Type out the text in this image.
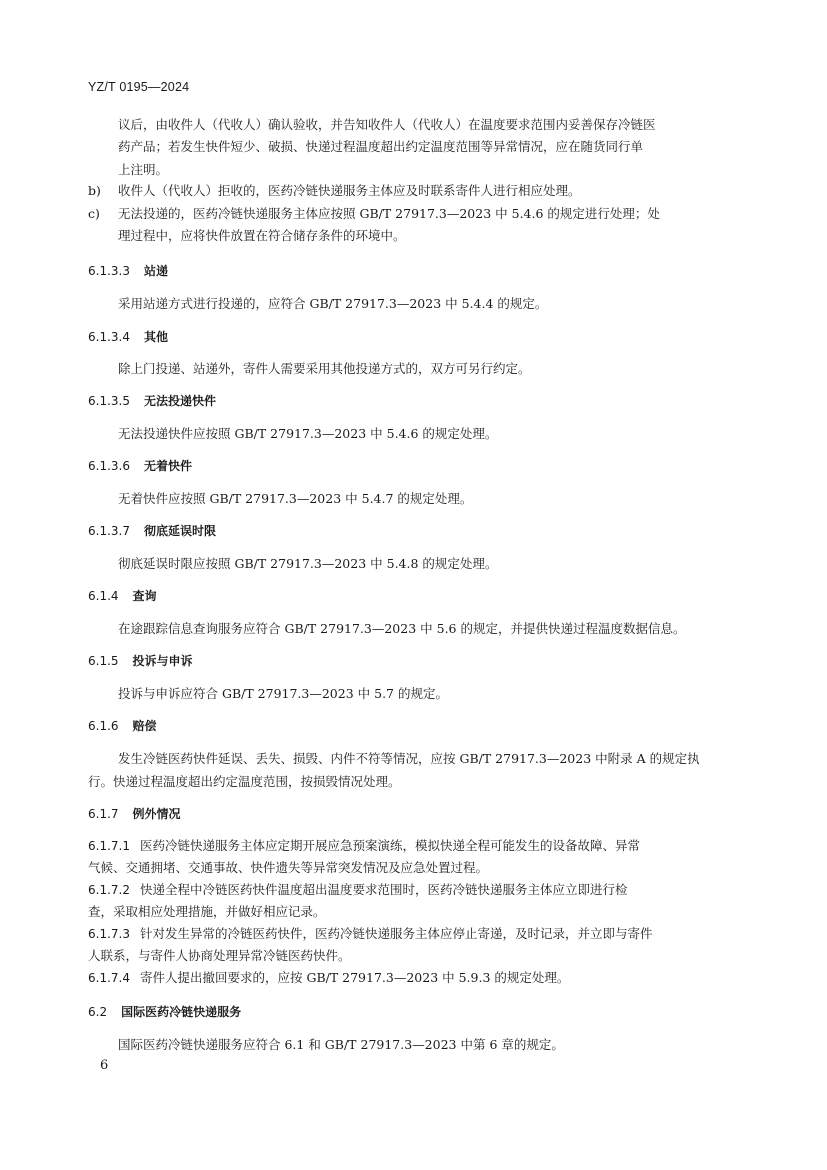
YZ/T 0195—2024
议后，由收件人（代收人）确认验收，并告知收件人（代收人）在温度要求范围内妥善保存冷链医
药产品；若发生快件短少、破损、快递过程温度超出约定温度范围等异常情况，应在随货同行单
上注明。
b) 收件人（代收人）拒收的，医药冷链快递服务主体应及时联系寄件人进行相应处理。
c) 无法投递的，医药冷链快递服务主体应按照 GB/T 27917.3—2023 中 5.4.6 的规定进行处理；处
理过程中，应将快件放置在符合储存条件的环境中。
6.1.3.3 站递
采用站递方式进行投递的，应符合 GB/T 27917.3—2023 中 5.4.4 的规定。
6.1.3.4 其他
除上门投递、站递外，寄件人需要采用其他投递方式的，双方可另行约定。
6.1.3.5 无法投递快件
无法投递快件应按照 GB/T 27917.3—2023 中 5.4.6 的规定处理。
6.1.3.6 无着快件
无着快件应按照 GB/T 27917.3—2023 中 5.4.7 的规定处理。
6.1.3.7 彻底延误时限
彻底延误时限应按照 GB/T 27917.3—2023 中 5.4.8 的规定处理。
6.1.4 查询
在途跟踪信息查询服务应符合 GB/T 27917.3—2023 中 5.6 的规定，并提供快递过程温度数据信息。
6.1.5 投诉与申诉
投诉与申诉应符合 GB/T 27917.3—2023 中 5.7 的规定。
6.1.6 赔偿
发生冷链医药快件延误、丢失、损毁、内件不符等情况，应按 GB/T 27917.3—2023 中附录 A 的规定执
行。快递过程温度超出约定温度范围，按损毁情况处理。
6.1.7 例外情况
6.1.7.1 医药冷链快递服务主体应定期开展应急预案演练，模拟快递全程可能发生的设备故障、异常
气候、交通拥堵、交通事故、快件遗失等异常突发情况及应急处置过程。
6.1.7.2 快递全程中冷链医药快件温度超出温度要求范围时，医药冷链快递服务主体应立即进行检
查，采取相应处理措施，并做好相应记录。
6.1.7.3 针对发生异常的冷链医药快件，医药冷链快递服务主体应停止寄递，及时记录，并立即与寄件
人联系，与寄件人协商处理异常冷链医药快件。
6.1.7.4 寄件人提出撤回要求的，应按 GB/T 27917.3—2023 中 5.9.3 的规定处理。
6.2 国际医药冷链快递服务
国际医药冷链快递服务应符合 6.1 和 GB/T 27917.3—2023 中第 6 章的规定。
6
